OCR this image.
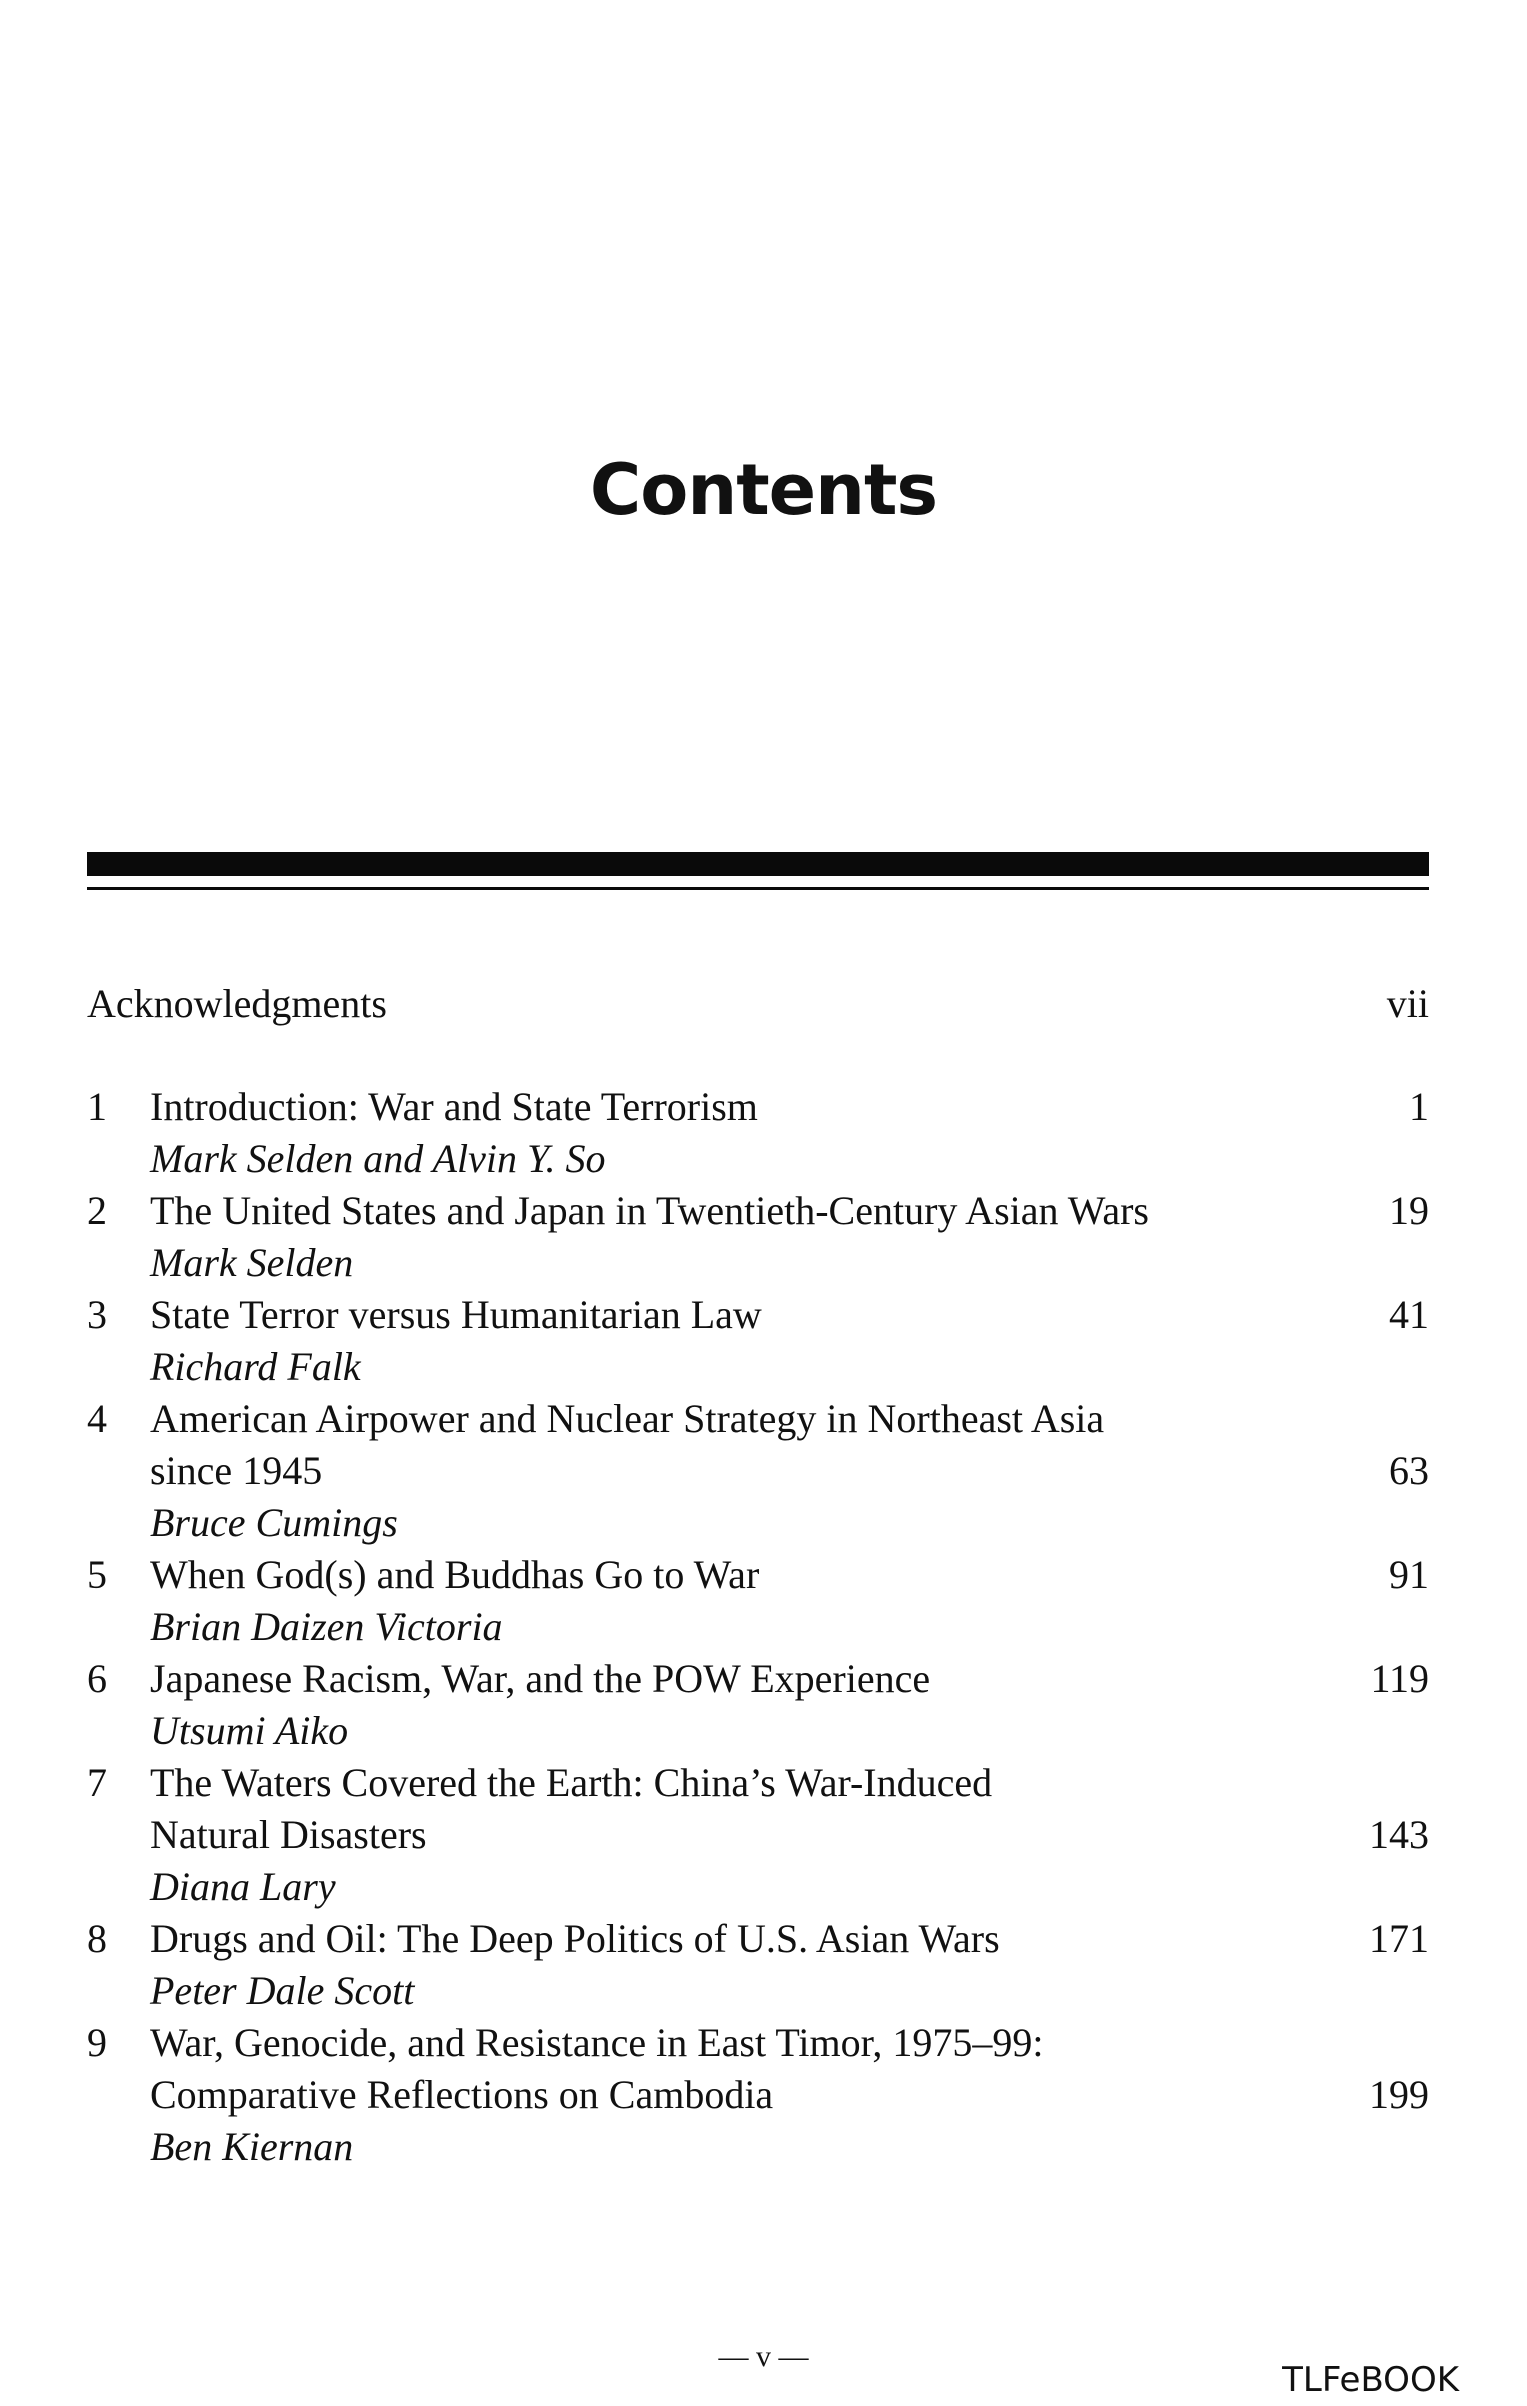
Contents
Acknowledgments	vii
1 Introduction: War and State Terrorism	1
Mark Selden and Alvin Y. So
2 The United States and Japan in Twentieth-Century Asian Wars	19
Mark Selden
3 State Terror versus Humanitarian Law	41
Richard Falk
4 American Airpower and Nuclear Strategy in Northeast Asia
since 1945	63
Bruce Cumings
5 When God(s) and Buddhas Go to War	91
Brian Daizen Victoria
6 Japanese Racism, War, and the POW Experience	119
Utsumi Aiko
7 The Waters Covered the Earth: China’s War-Induced
Natural Disasters	143
Diana Lary
8 Drugs and Oil: The Deep Politics of U.S. Asian Wars	171
Peter Dale Scott
9 War, Genocide, and Resistance in East Timor, 1975–99:
Comparative Reflections on Cambodia	199
Ben Kiernan
— v —
TLFeBOOK
